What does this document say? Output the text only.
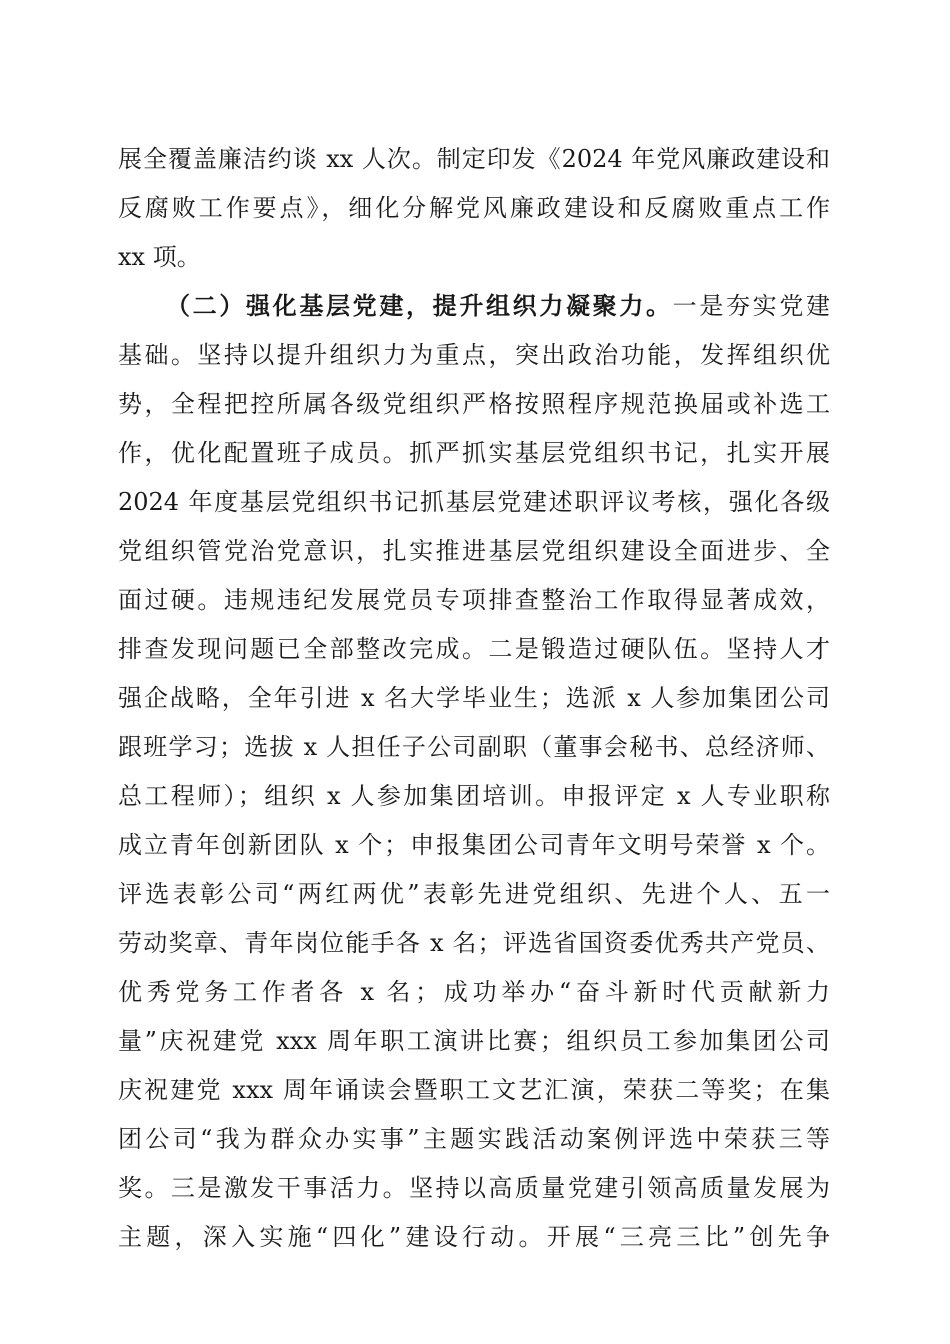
展全覆盖廉洁约谈 xx 人次。制定印发《2024 年党风廉政建设和
反腐败工作要点》，细化分解党风廉政建设和反腐败重点工作
xx 项。
（二）强化基层党建，提升组织力凝聚力。一是夯实党建
基础。坚持以提升组织力为重点，突出政治功能，发挥组织优
势，全程把控所属各级党组织严格按照程序规范换届或补选工
作，优化配置班子成员。抓严抓实基层党组织书记，扎实开展
2024 年度基层党组织书记抓基层党建述职评议考核，强化各级
党组织管党治党意识，扎实推进基层党组织建设全面进步、全
面过硬。违规违纪发展党员专项排查整治工作取得显著成效，
排查发现问题已全部整改完成。二是锻造过硬队伍。坚持人才
强企战略，全年引进 x 名大学毕业生；选派 x 人参加集团公司
跟班学习；选拔 x 人担任子公司副职（董事会秘书、总经济师、
总工程师）；组织 x 人参加集团培训。申报评定 x 人专业职称
成立青年创新团队 x 个；申报集团公司青年文明号荣誉 x 个。
评选表彰公司“两红两优”表彰先进党组织、先进个人、五一
劳动奖章、青年岗位能手各 x 名；评选省国资委优秀共产党员、
优秀党务工作者各 x 名；成功举办“奋斗新时代贡献新力
量”庆祝建党 xxx 周年职工演讲比赛；组织员工参加集团公司
庆祝建党 xxx 周年诵读会暨职工文艺汇演，荣获二等奖；在集
团公司“我为群众办实事”主题实践活动案例评选中荣获三等
奖。三是激发干事活力。坚持以高质量党建引领高质量发展为
主题，深入实施“四化”建设行动。开展“三亮三比”创先争
